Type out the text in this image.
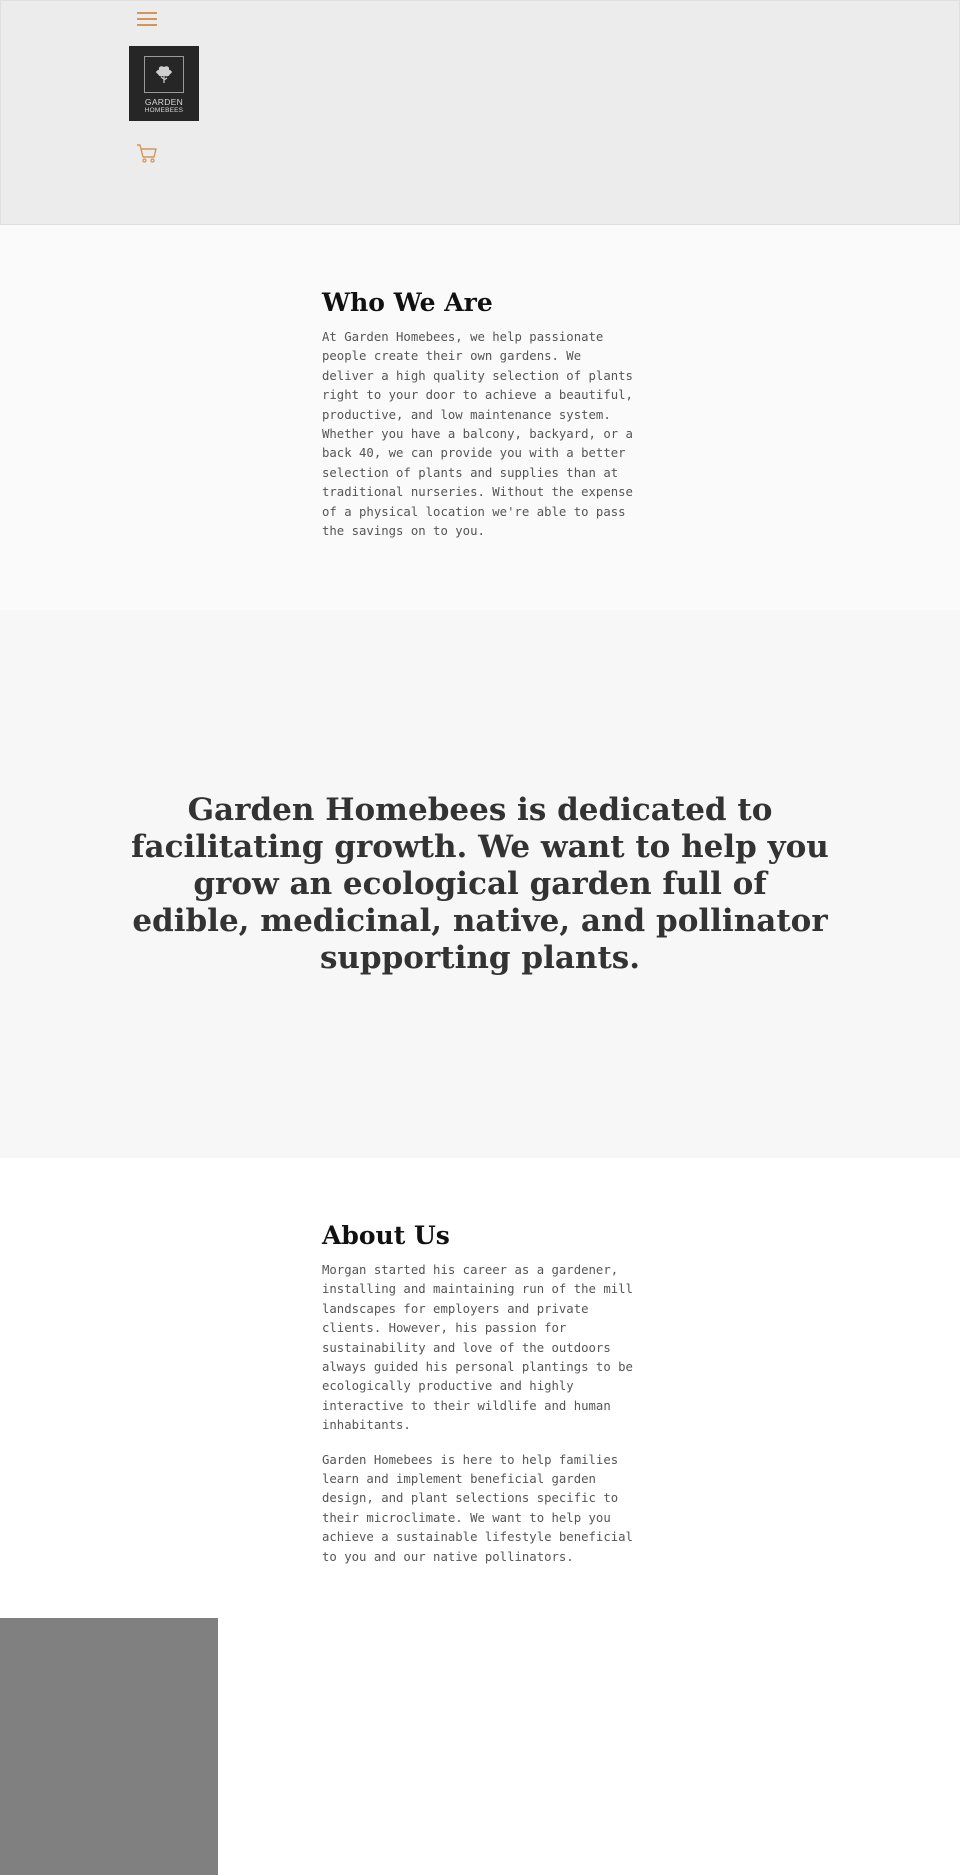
GARDEN
HOMEBEES
Who We Are

At Garden Homebees, we help passionate
people create their own gardens. We
deliver a high quality selection of plants
right to your door to achieve a beautiful,
productive, and low maintenance system.
Whether you have a balcony, backyard, or a
back 40, we can provide you with a better
selection of plants and supplies than at
traditional nurseries. Without the expense
of a physical location we're able to pass
the savings on to you.

Garden Homebees is dedicated to facilitating growth. We want to help you grow an ecological garden full of edible, medicinal, native, and pollinator supporting plants.
About Us

Morgan started his career as a gardener,
installing and maintaining run of the mill
landscapes for employers and private
clients. However, his passion for
sustainability and love of the outdoors
always guided his personal plantings to be
ecologically productive and highly
interactive to their wildlife and human
inhabitants.

Garden Homebees is here to help families
learn and implement beneficial garden
design, and plant selections specific to
their microclimate. We want to help you
achieve a sustainable lifestyle beneficial
to you and our native pollinators.
